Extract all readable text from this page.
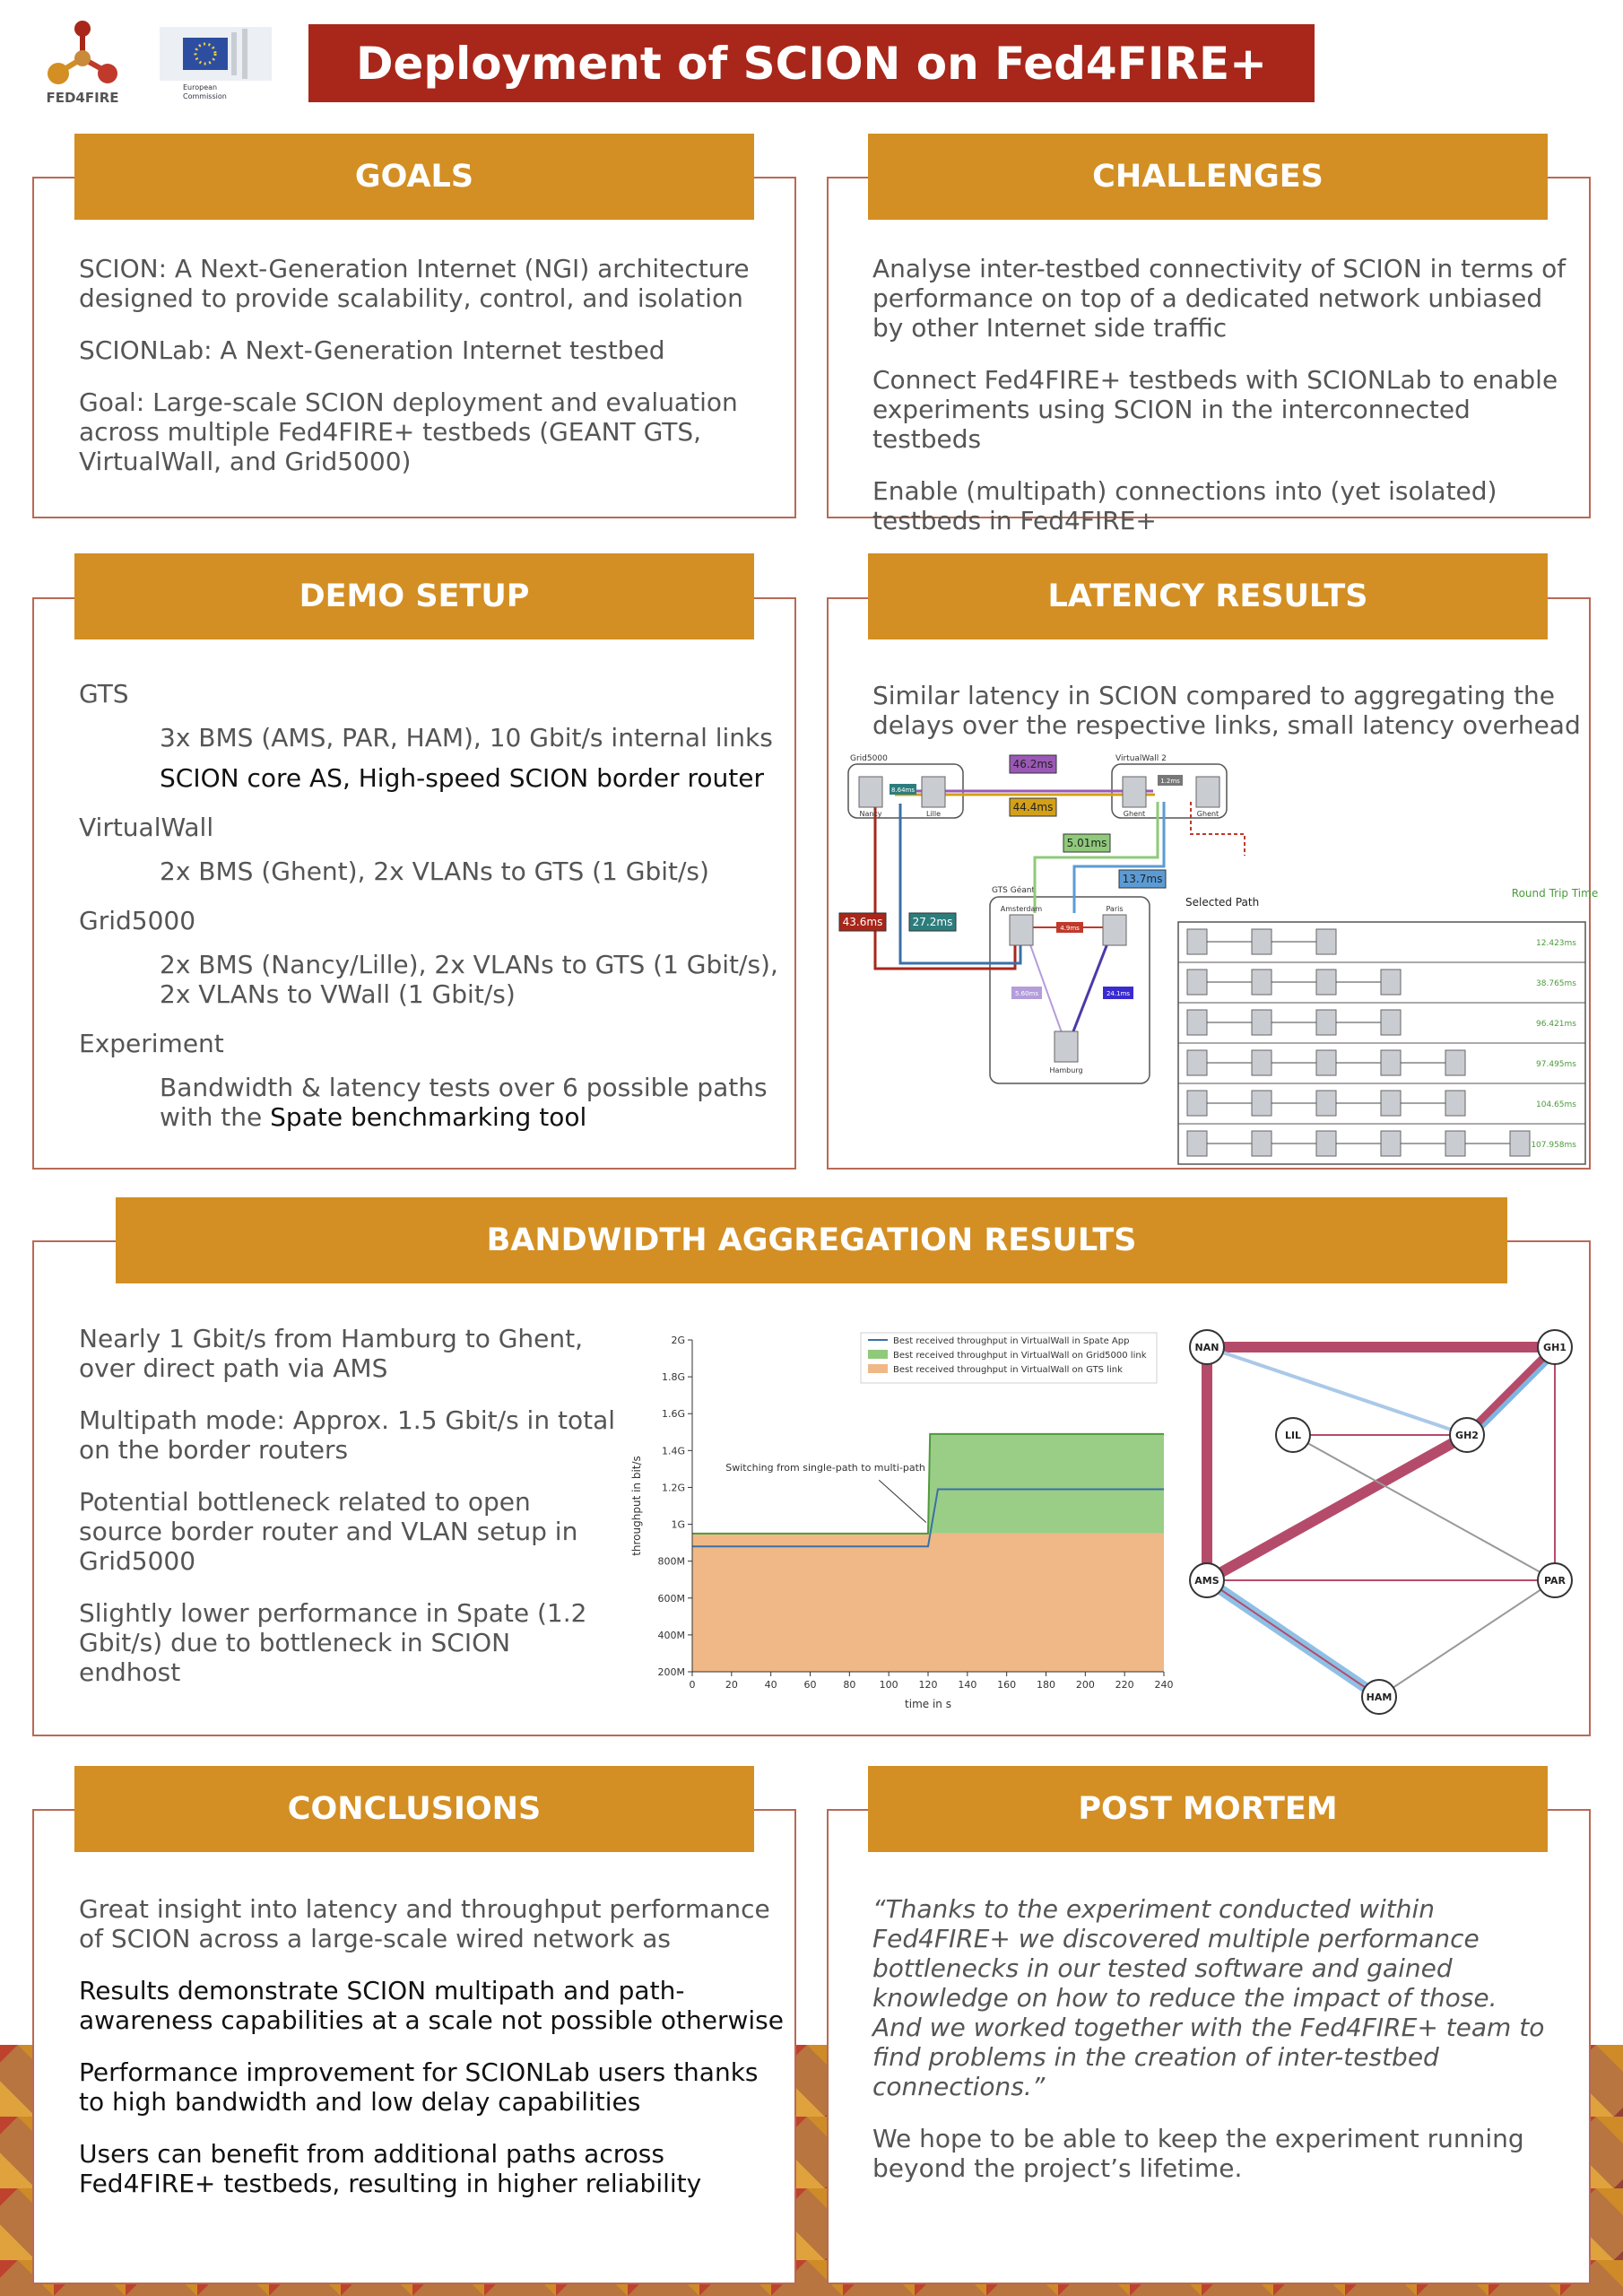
FED4FIRE
European
Commission
Deployment of SCION on Fed4FIRE+
GOALS

SCION: A Next-Generation Internet (NGI) architecture designed to provide scalability, control, and isolation

SCIONLab: A Next-Generation Internet testbed

Goal: Large-scale SCION deployment and evaluation across multiple Fed4FIRE+ testbeds (GEANT GTS, VirtualWall, and Grid5000)

CHALLENGES

Analyse inter-testbed connectivity of SCION in terms of performance on top of a dedicated network unbiased by other Internet side traffic

Connect Fed4FIRE+ testbeds with SCIONLab to enable experiments using SCION in the interconnected testbeds

Enable (multipath) connections into (yet isolated) testbeds in Fed4FIRE+

DEMO SETUP

GTS

3x BMS (AMS, PAR, HAM), 10 Gbit/s internal links

SCION core AS, High-speed SCION border router

VirtualWall

2x BMS (Ghent), 2x VLANs to GTS (1 Gbit/s)

Grid5000

2x BMS (Nancy/Lille), 2x VLANs to GTS (1 Gbit/s), 2x VLANs to VWall (1 Gbit/s)

Experiment

Bandwidth & latency tests over 6 possible paths with the Spate benchmarking tool

LATENCY RESULTS
Similar latency in SCION compared to aggregating the delays over the respective links, small latency overhead
Grid5000	VirtualWall 2
GTS Géant
Nancy	Lille	Ghent	Ghent
Amsterdam	Paris
Hamburg
8.64ms
1.2ms
4.9ms
5.60ms	24.1ms
46.2ms
44.4ms
5.01ms
13.7ms
43.6ms	27.2ms
Selected Path
Round Trip Time
12.423ms
38.765ms
96.421ms
97.495ms
104.65ms
107.958ms
BANDWIDTH AGGREGATION RESULTS

Nearly 1 Gbit/s from Hamburg to Ghent, over direct path via AMS

Multipath mode: Approx. 1.5 Gbit/s in total on the border routers

Potential bottleneck related to open source border router and VLAN setup in Grid5000

Slightly lower performance in Spate (1.2 Gbit/s) due to bottleneck in SCION endhost	0	20	40	60	80 100 120 140 160 180 200 220 240
200M
400M
600M
800M
1G
1.2G
1.4G
1.6G
1.8G
2G
time in s
throughput in bit/s	Switching from single-path to multi-path
Best received throughput in VirtualWall in Spate App
Best received throughput in VirtualWall on Grid5000 link
Best received throughput in VirtualWall on GTS link
NAN	GH1
LIL	GH2
AMS	PAR
HAM
CONCLUSIONS

Great insight into latency and throughput performance of SCION across a large-scale wired network as

Results demonstrate SCION multipath and path-awareness capabilities at a scale not possible otherwise

Performance improvement for SCIONLab users thanks to high bandwidth and low delay capabilities

Users can benefit from additional paths across Fed4FIRE+ testbeds, resulting in higher reliability

POST MORTEM

“Thanks to the experiment conducted within Fed4FIRE+ we discovered multiple performance bottlenecks in our tested software and gained knowledge on how to reduce the impact of those. And we worked together with the Fed4FIRE+ team to find problems in the creation of inter-testbed connections.”

We hope to be able to keep the experiment running beyond the project’s lifetime.
